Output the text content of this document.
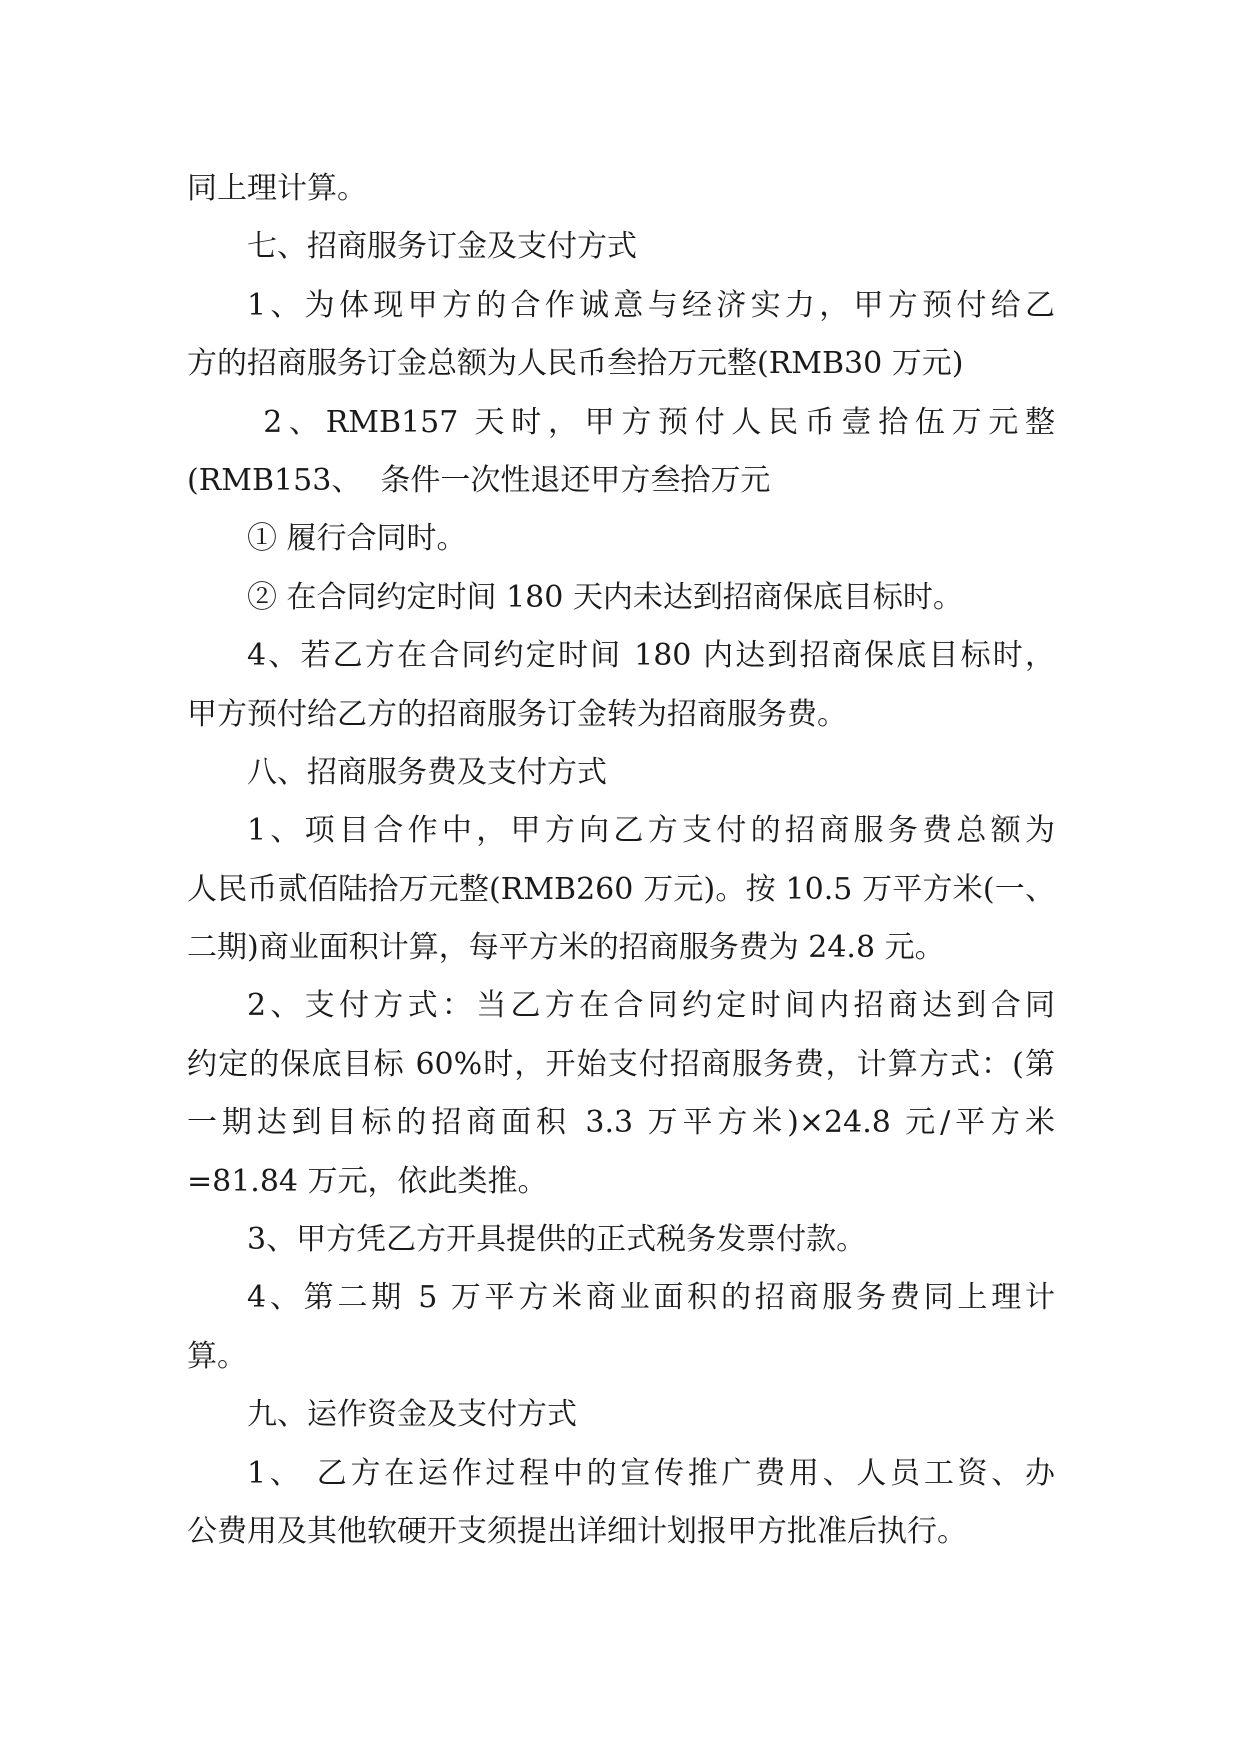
同上理计算。
七、招商服务订金及支付方式
1、为体现甲方的合作诚意与经济实力，甲方预付给乙
方的招商服务订金总额为人民币叁拾万元整(RMB30 万元)
2、RMB157 天时，甲方预付人民币壹拾伍万元整
(RMB153、  条件一次性退还甲方叁拾万元
① 履行合同时。
② 在合同约定时间 180 天内未达到招商保底目标时。
4、若乙方在合同约定时间 180 内达到招商保底目标时，
甲方预付给乙方的招商服务订金转为招商服务费。
八、招商服务费及支付方式
1、项目合作中，甲方向乙方支付的招商服务费总额为
人民币贰佰陆拾万元整(RMB260 万元)。按 10.5 万平方米(一、
二期)商业面积计算，每平方米的招商服务费为 24.8 元。
2、支付方式：当乙方在合同约定时间内招商达到合同
约定的保底目标 60%时，开始支付招商服务费，计算方式：(第
一期达到目标的招商面积 3.3 万平方米)×24.8 元/平方米
=81.84 万元，依此类推。
3、甲方凭乙方开具提供的正式税务发票付款。
4、第二期 5 万平方米商业面积的招商服务费同上理计
算。
九、运作资金及支付方式
1、 乙方在运作过程中的宣传推广费用、人员工资、办
公费用及其他软硬开支须提出详细计划报甲方批准后执行。
